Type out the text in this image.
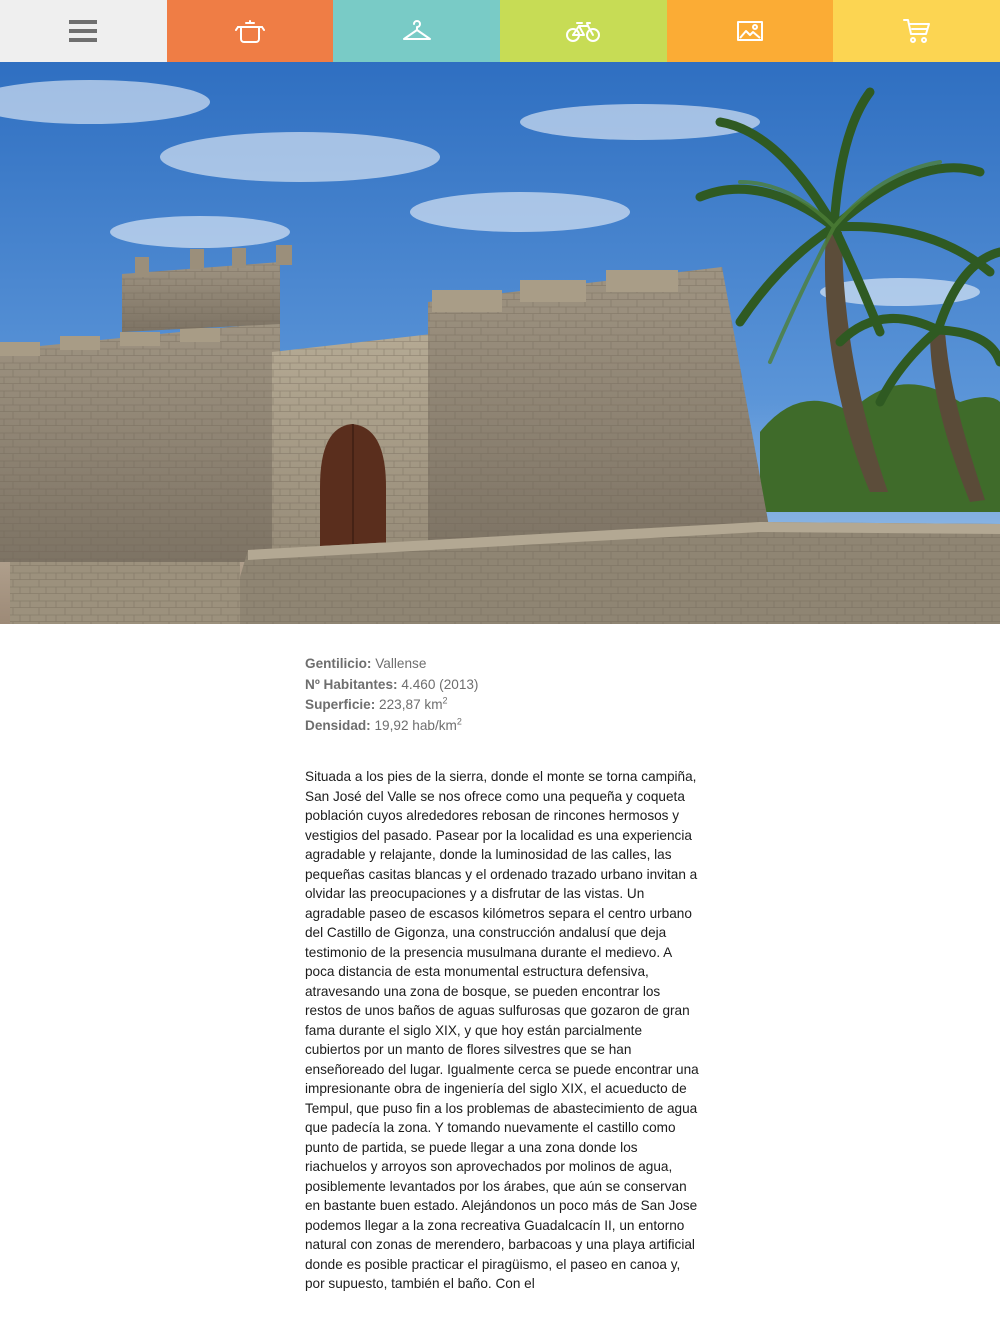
Gentilicio: Vallense
Nº Habitantes: 4.460 (2013)
Superficie: 223,87 $km^2$
Densidad: 19,92 hab/$km^2$

Situada a los pies de la sierra, donde el monte se torna campiña, San José del Valle se nos ofrece como una pequeña y coqueta población cuyos alrededores rebosan de rincones hermosos y vestigios del pasado. Pasear por la localidad es una experiencia agradable y relajante, donde la luminosidad de las calles, las pequeñas casitas blancas y el ordenado trazado urbano invitan a olvidar las preocupaciones y a disfrutar de las vistas. Un agradable paseo de escasos kilómetros separa el centro urbano del Castillo de Gigonza, una construcción andalusí que deja testimonio de la presencia musulmana durante el medievo. A poca distancia de esta monumental estructura defensiva, atravesando una zona de bosque, se pueden encontrar los restos de unos baños de aguas sulfurosas que gozaron de gran fama durante el siglo XIX, y que hoy están parcialmente cubiertos por un manto de flores silvestres que se han enseñoreado del lugar. Igualmente cerca se puede encontrar una impresionante obra de ingeniería del siglo XIX, el acueducto de Tempul, que puso fin a los problemas de abastecimiento de agua que padecía la zona. Y tomando nuevamente el castillo como punto de partida, se puede llegar a una zona donde los riachuelos y arroyos son aprovechados por molinos de agua, posiblemente levantados por los árabes, que aún se conservan en bastante buen estado. Alejándonos un poco más de San Jose podemos llegar a la zona recreativa Guadalcacín II, un entorno natural con zonas de merendero, barbacoas y una playa artificial donde es posible practicar el piragüismo, el paseo en canoa y, por supuesto, también el baño. Con el
